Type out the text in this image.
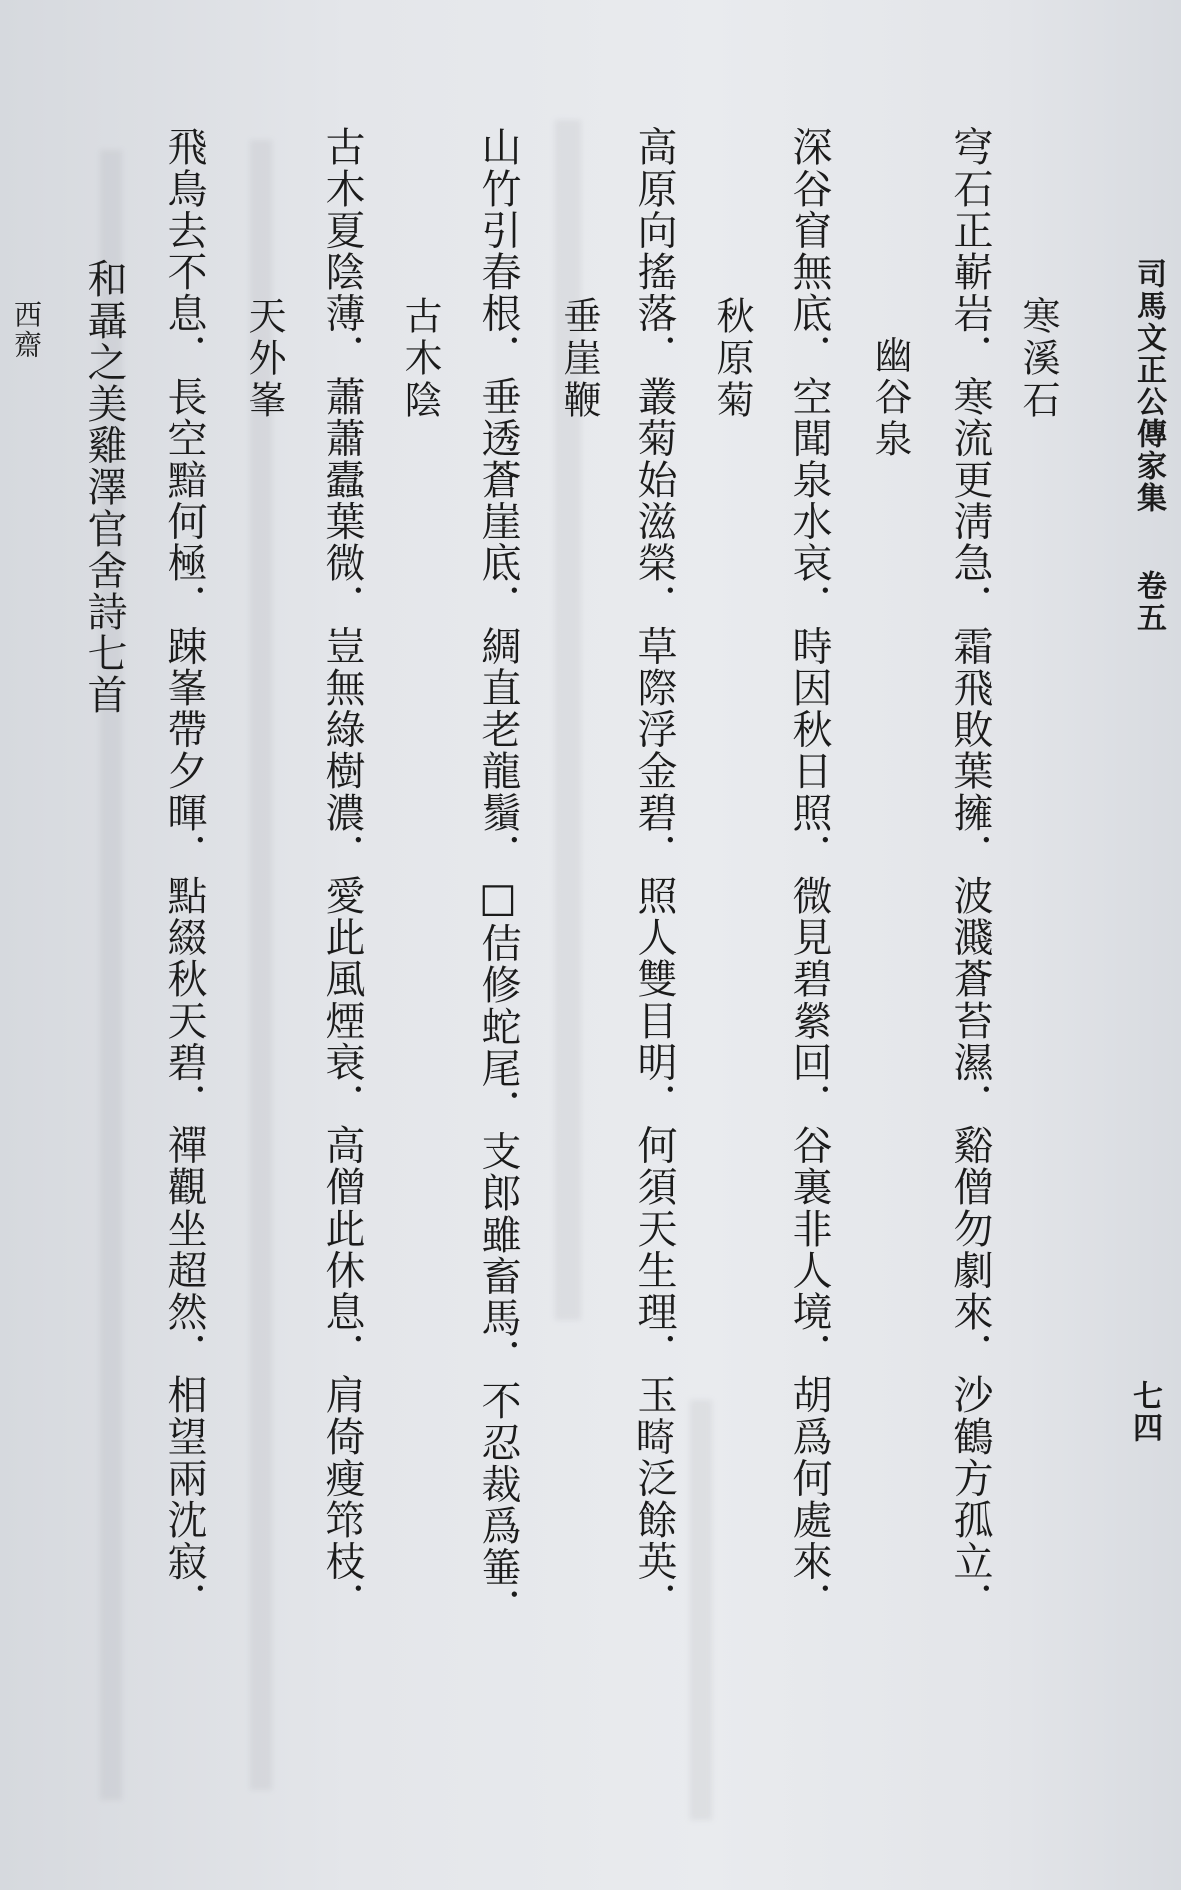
司馬文正公傳家集
卷五
寒溪石
穹石正嶄岩．寒流更淸急．霜飛敗葉擁．波濺蒼苔濕．谿僧勿劇來．沙鶴方孤立．
幽谷泉
深谷窅無底．空聞泉水哀．時因秋日照．微見碧縈回．谷裏非人境．胡爲何處來．
秋原菊
高原向搖落．叢菊始滋榮．草際浮金碧．照人雙目明．何須天生理．玉𥊘泛餘英．
垂崖鞭
山竹引春根．垂透蒼崖底．綢直老龍鬚．□佶修蛇尾．支郎雖畜馬．不忍裁爲箠．
古木陰
古木夏陰薄．蕭蕭蠹葉微．豈無綠樹濃．愛此風煙衰．高僧此休息．肩倚瘦筇枝．
天外峯
飛鳥去不息．長空黯何極．踈峯帶夕暉．點綴秋天碧．禪觀坐超然．相望兩沈寂．
和聶之美雞澤官舍詩七首
西齋
七四
